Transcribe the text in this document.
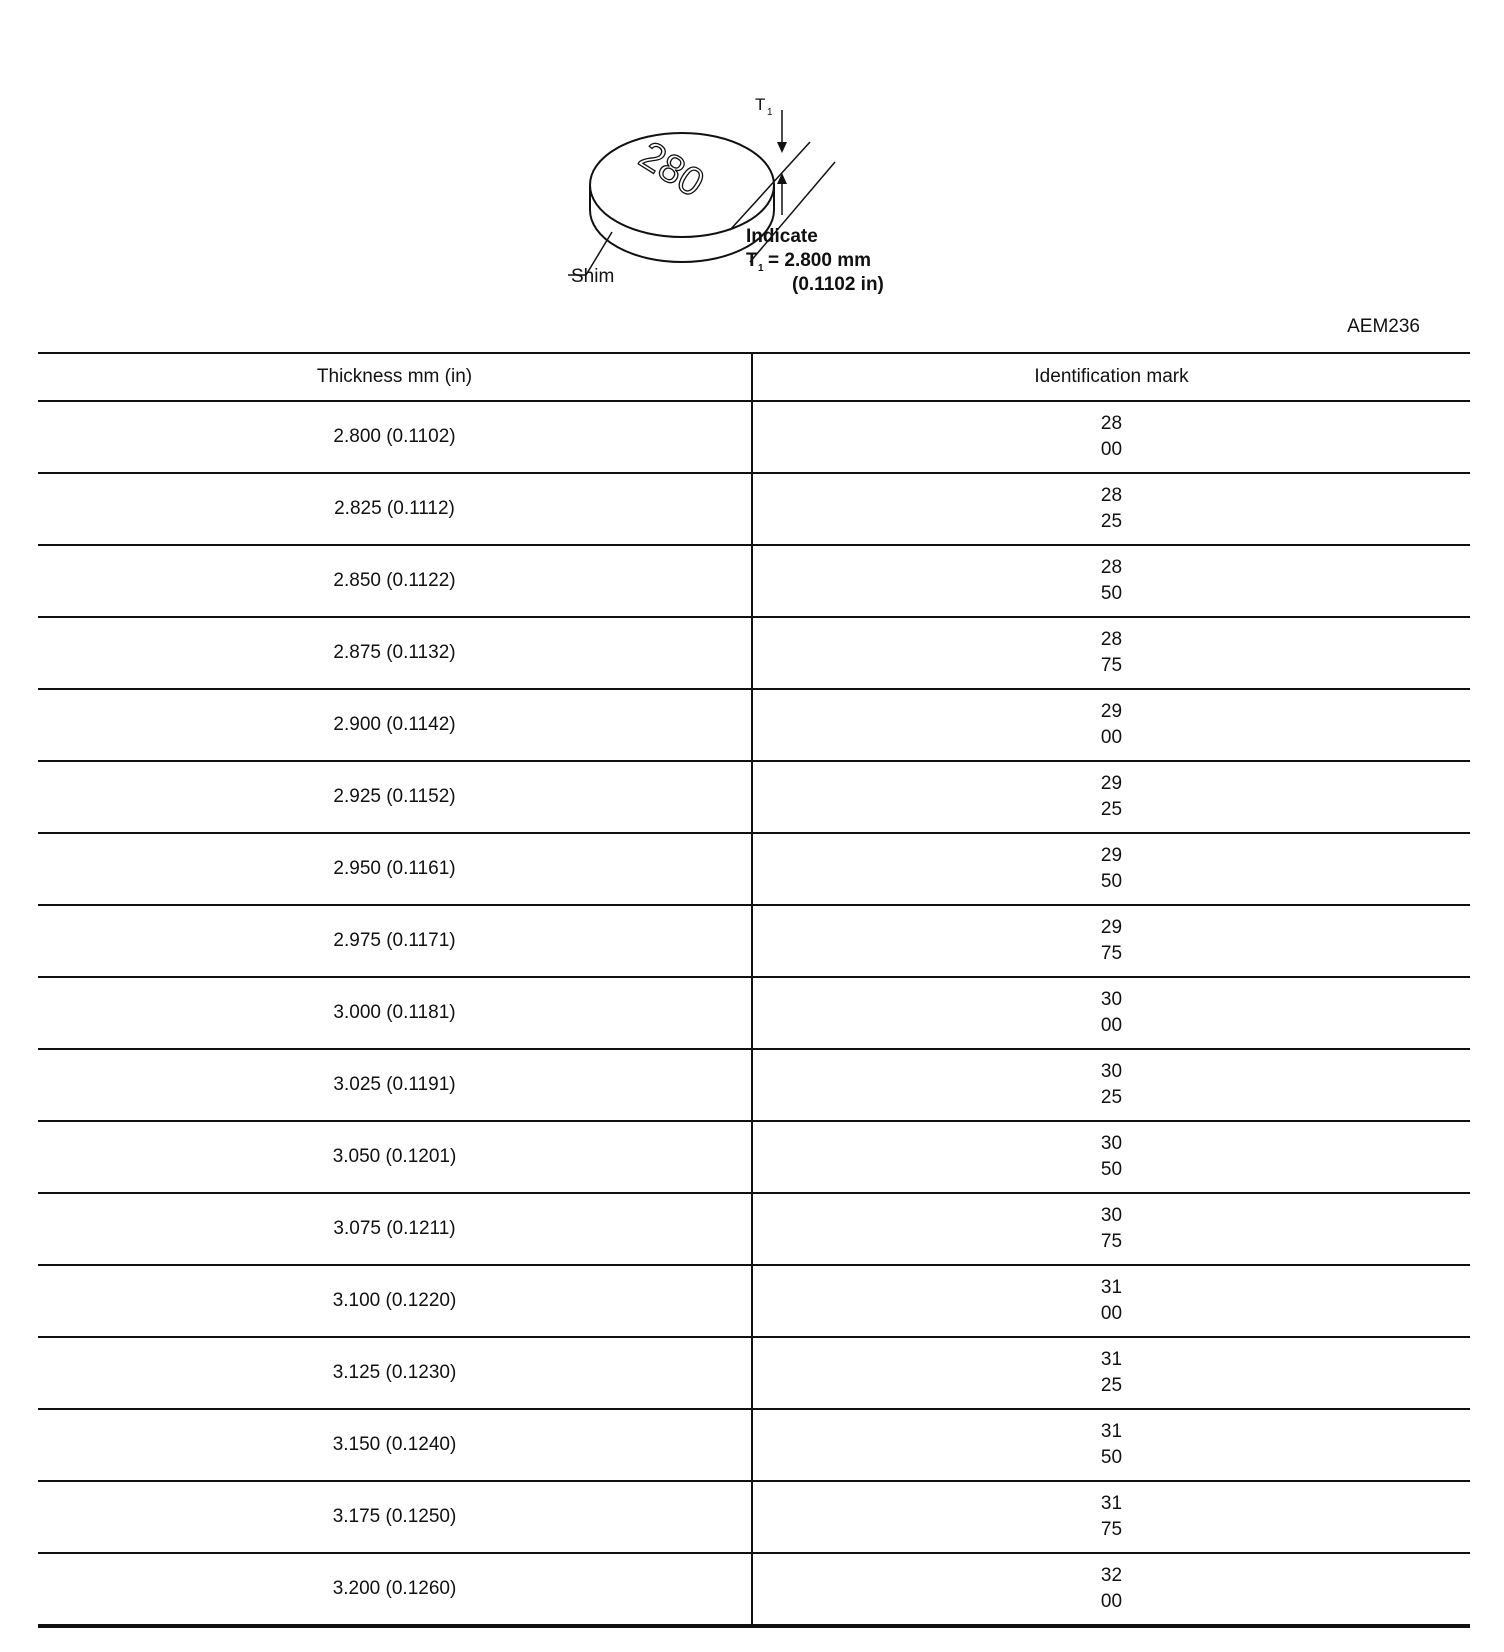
280
T 1
Indicate
T 1 = 2.800 mm
(0.1102 in)
Shim
AEM236
Thickness mm (in)	Identification mark
2.800 (0.1102)	28
00

2.825 (0.1112)	28
25

2.850 (0.1122)	28
50

2.875 (0.1132)	28
75

2.900 (0.1142)	29
00

2.925 (0.1152)	29
25

2.950 (0.1161)	29
50

2.975 (0.1171)	29
75

3.000 (0.1181)	30
00

3.025 (0.1191)	30
25

3.050 (0.1201)	30
50

3.075 (0.1211)	30
75

3.100 (0.1220)	31
00

3.125 (0.1230)	31
25

3.150 (0.1240)	31
50

3.175 (0.1250)	31
75

3.200 (0.1260)	32
00
